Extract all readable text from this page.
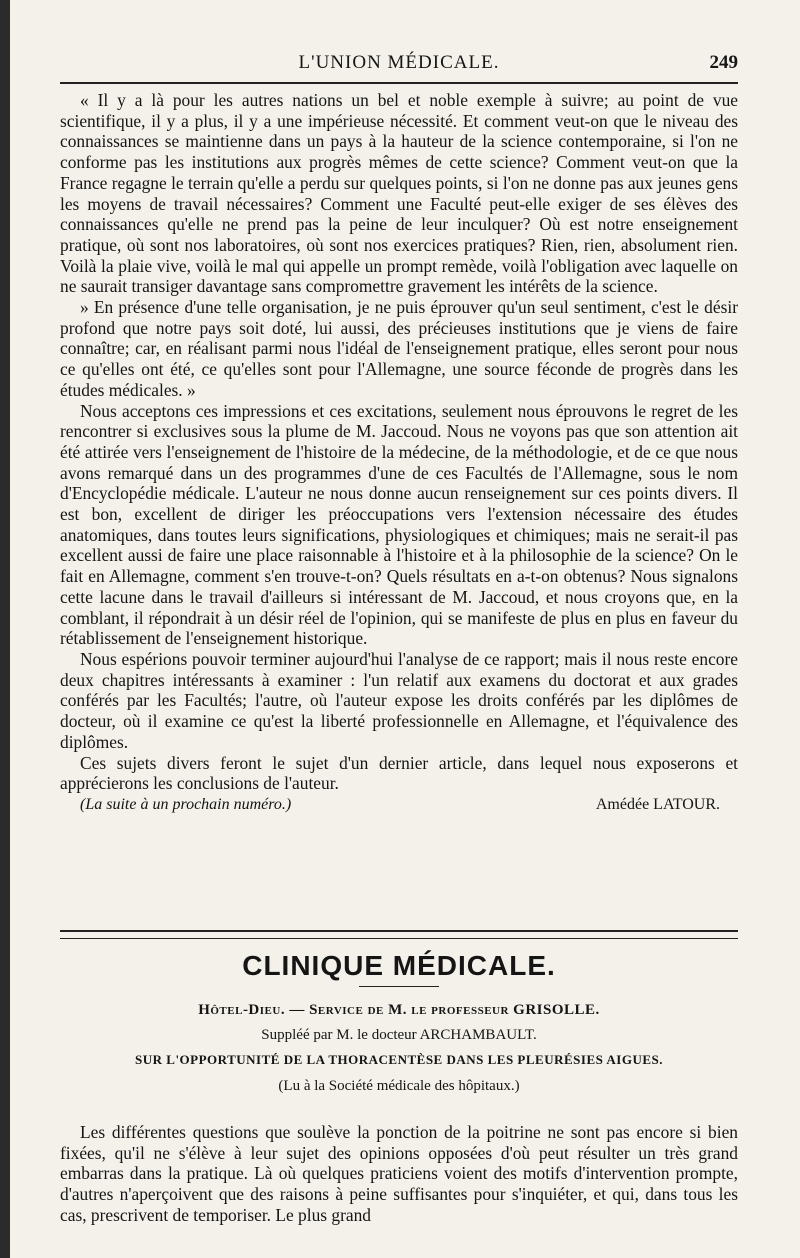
L'UNION MÉDICALE.	249

« Il y a là pour les autres nations un bel et noble exemple à suivre; au point de vue scientifique, il y a plus, il y a une impérieuse nécessité. Et comment veut-on que le niveau des connaissances se maintienne dans un pays à la hauteur de la science contemporaine, si l'on ne conforme pas les institutions aux progrès mêmes de cette science? Comment veut-on que la France regagne le terrain qu'elle a perdu sur quelques points, si l'on ne donne pas aux jeunes gens les moyens de travail nécessaires? Comment une Faculté peut-elle exiger de ses élèves des connaissances qu'elle ne prend pas la peine de leur inculquer? Où est notre enseignement pratique, où sont nos laboratoires, où sont nos exercices pratiques? Rien, rien, absolument rien. Voilà la plaie vive, voilà le mal qui appelle un prompt remède, voilà l'obligation avec laquelle on ne saurait transiger davantage sans compromettre gravement les intérêts de la science.

» En présence d'une telle organisation, je ne puis éprouver qu'un seul sentiment, c'est le désir profond que notre pays soit doté, lui aussi, des précieuses institutions que je viens de faire connaître; car, en réalisant parmi nous l'idéal de l'enseignement pratique, elles seront pour nous ce qu'elles ont été, ce qu'elles sont pour l'Allemagne, une source féconde de progrès dans les études médicales. »

Nous acceptons ces impressions et ces excitations, seulement nous éprouvons le regret de les rencontrer si exclusives sous la plume de M. Jaccoud. Nous ne voyons pas que son attention ait été attirée vers l'enseignement de l'histoire de la médecine, de la méthodologie, et de ce que nous avons remarqué dans un des programmes d'une de ces Facultés de l'Allemagne, sous le nom d'Encyclopédie médicale. L'auteur ne nous donne aucun renseignement sur ces points divers. Il est bon, excellent de diriger les préoccupations vers l'extension nécessaire des études anatomiques, dans toutes leurs significations, physiologiques et chimiques; mais ne serait-il pas excellent aussi de faire une place raisonnable à l'histoire et à la philosophie de la science? On le fait en Allemagne, comment s'en trouve-t-on? Quels résultats en a-t-on obtenus? Nous signalons cette lacune dans le travail d'ailleurs si intéressant de M. Jaccoud, et nous croyons que, en la comblant, il répondrait à un désir réel de l'opinion, qui se manifeste de plus en plus en faveur du rétablissement de l'enseignement historique.

Nous espérions pouvoir terminer aujourd'hui l'analyse de ce rapport; mais il nous reste encore deux chapitres intéressants à examiner : l'un relatif aux examens du doctorat et aux grades conférés par les Facultés; l'autre, où l'auteur expose les droits conférés par les diplômes de docteur, où il examine ce qu'est la liberté professionnelle en Allemagne, et l'équivalence des diplômes.

Ces sujets divers feront le sujet d'un dernier article, dans lequel nous exposerons et apprécierons les conclusions de l'auteur.

(La suite à un prochain numéro.)	Amédée LATOUR.
CLINIQUE MÉDICALE.
Hôtel-Dieu. — Service de M. le professeur GRISOLLE.
Suppléé par M. le docteur ARCHAMBAULT.
SUR L'OPPORTUNITÉ DE LA THORACENTÈSE DANS LES PLEURÉSIES AIGUES.
(Lu à la Société médicale des hôpitaux.)

Les différentes questions que soulève la ponction de la poitrine ne sont pas encore si bien fixées, qu'il ne s'élève à leur sujet des opinions opposées d'où peut résulter un très grand embarras dans la pratique. Là où quelques praticiens voient des motifs d'intervention prompte, d'autres n'aperçoivent que des raisons à peine suffisantes pour s'inquiéter, et qui, dans tous les cas, prescrivent de temporiser. Le plus grand
